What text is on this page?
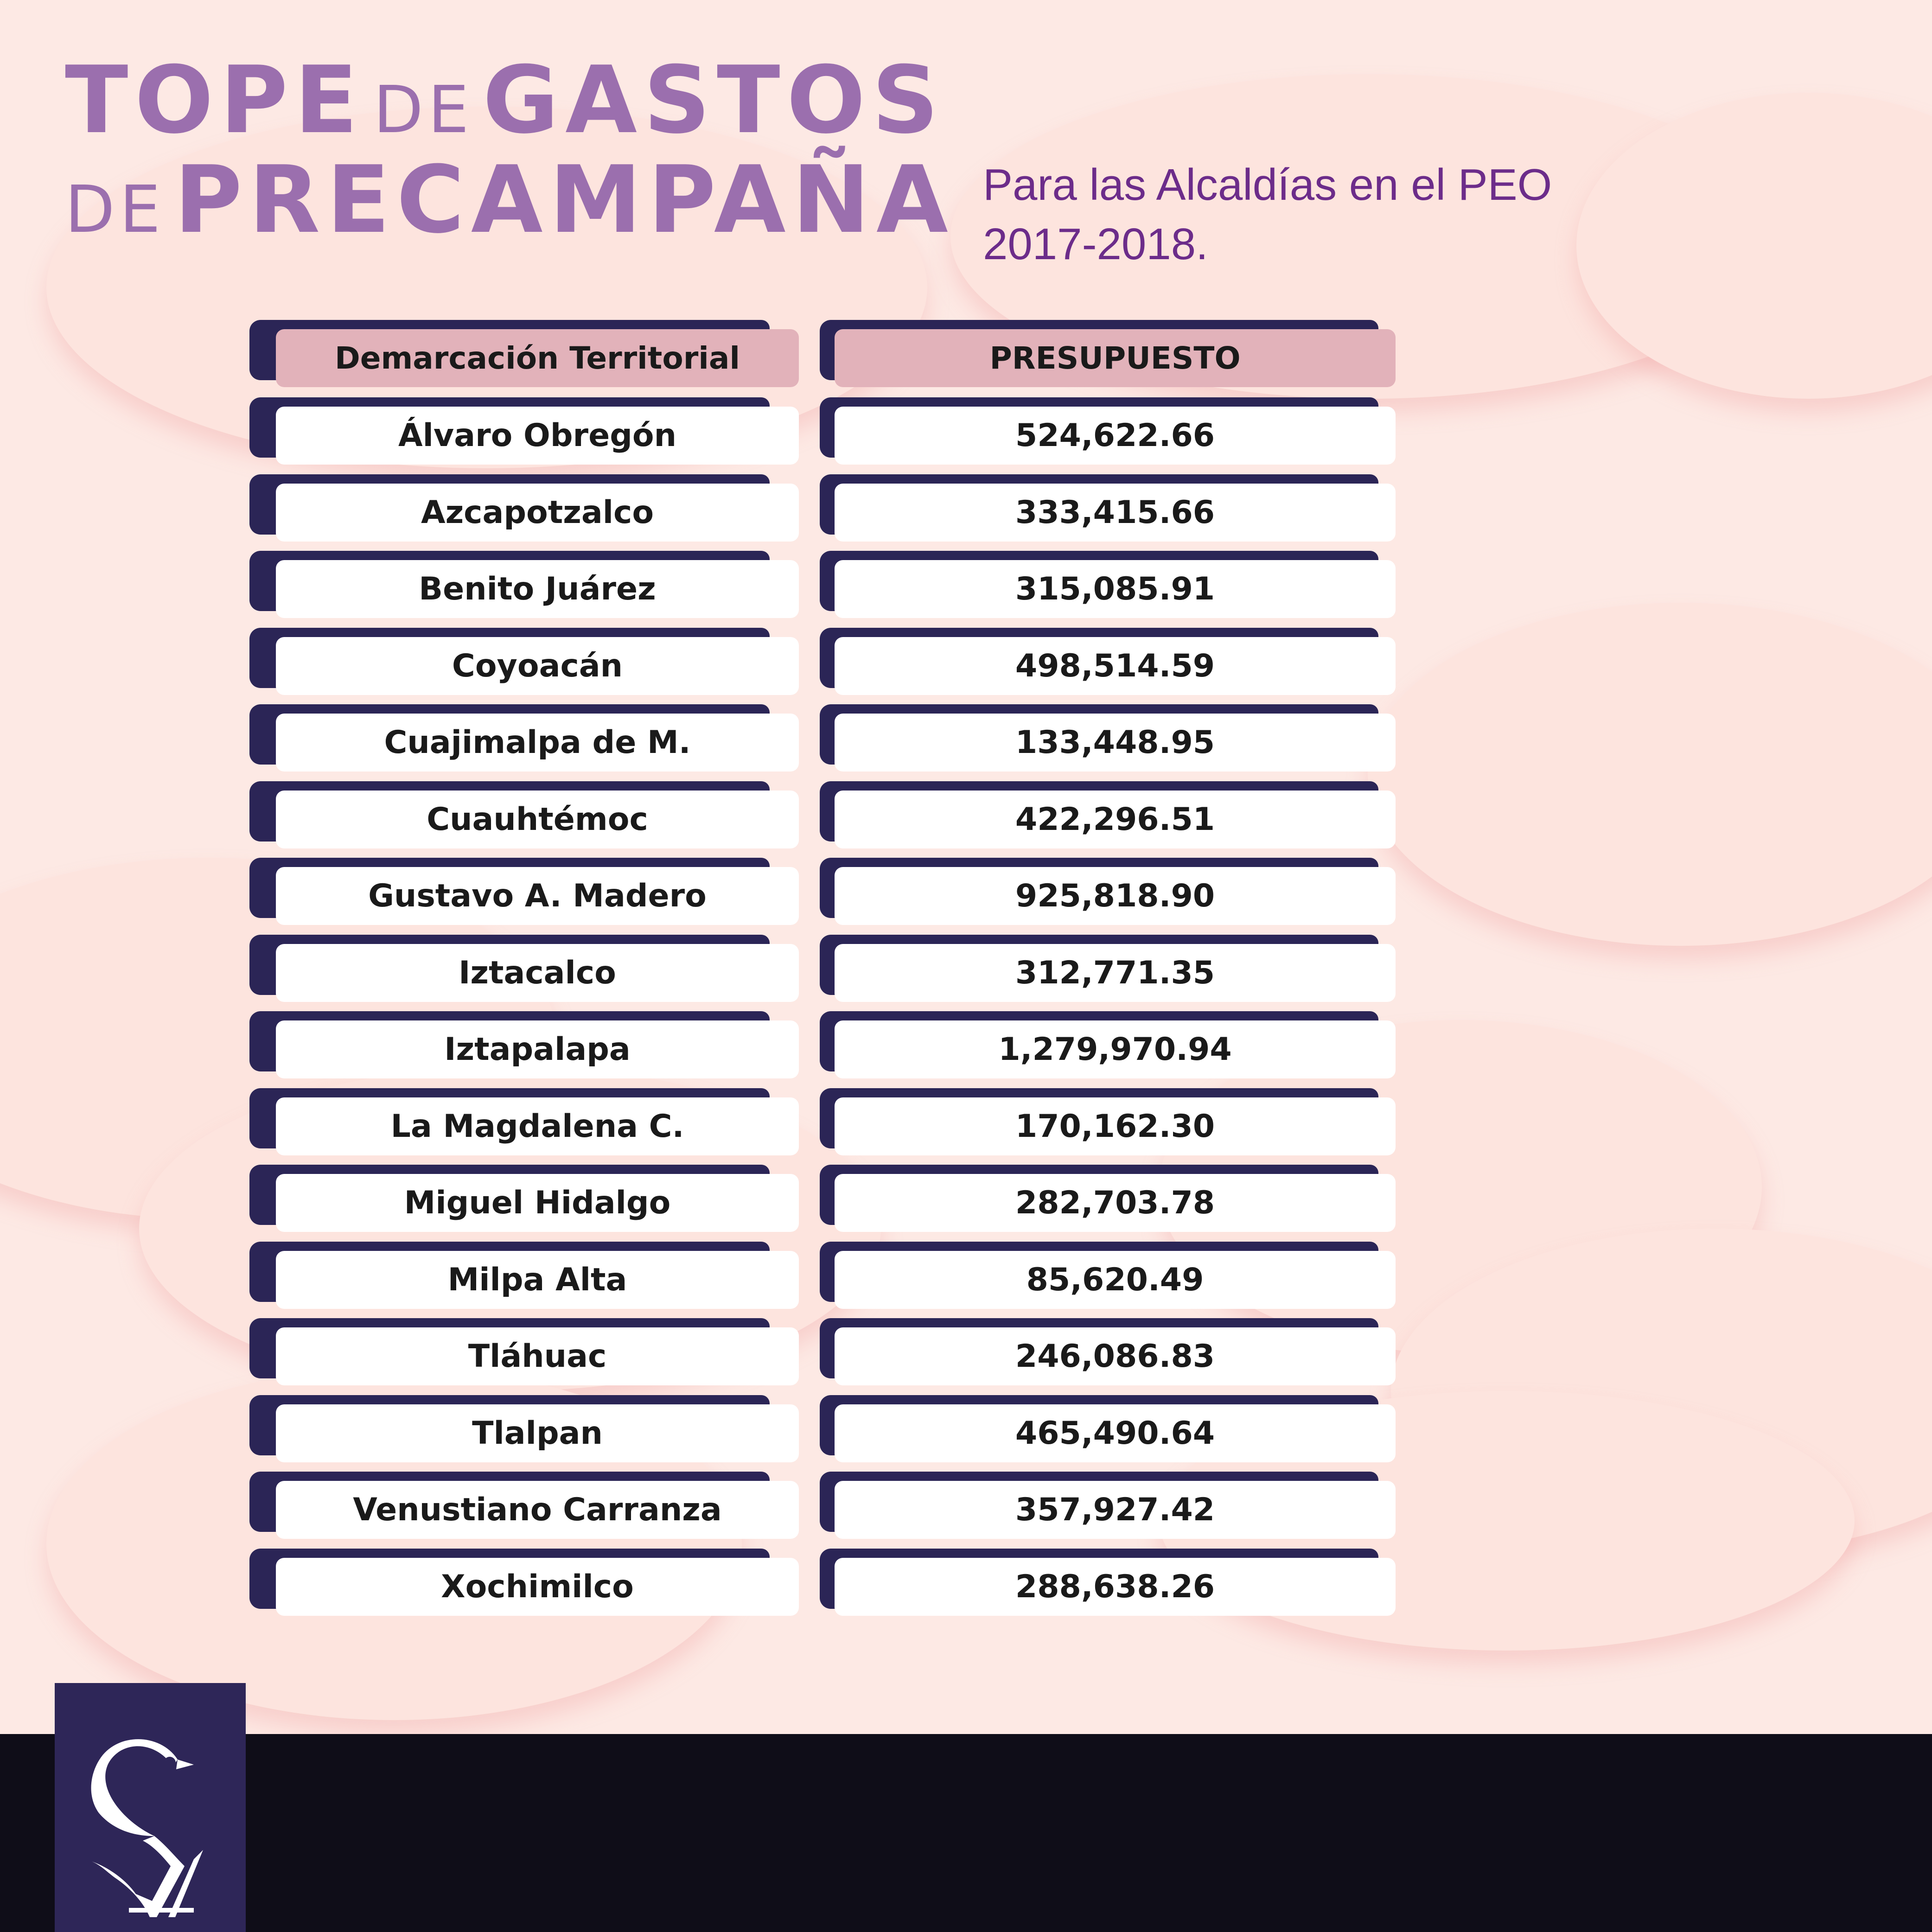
TOPE DE GASTOS
DE PRECAMPAÑA Para las Alcaldías en el PEO
2017-2018.
Demarcación Territorial	PRESUPUESTO
Álvaro Obregón	524,622.66
Azcapotzalco	333,415.66
Benito Juárez	315,085.91
Coyoacán	498,514.59
Cuajimalpa de M.	133,448.95
Cuauhtémoc	422,296.51
Gustavo A. Madero	925,818.90
Iztacalco	312,771.35
Iztapalapa	1,279,970.94
La Magdalena C.	170,162.30
Miguel Hidalgo	282,703.78
Milpa Alta	85,620.49
Tláhuac	246,086.83
Tlalpan	465,490.64
Venustiano Carranza	357,927.42
Xochimilco	288,638.26
